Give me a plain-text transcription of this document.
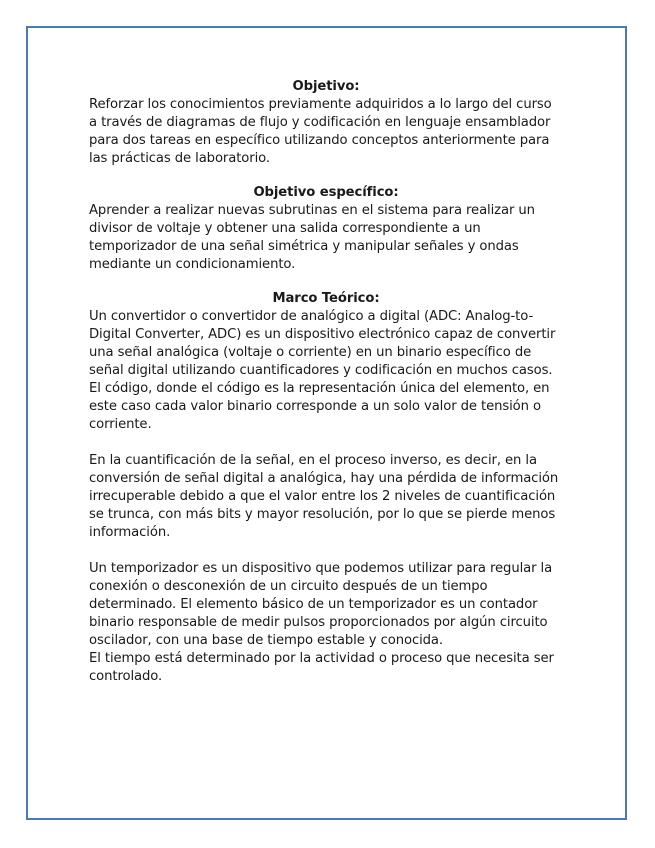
Objetivo:

Reforzar los conocimientos previamente adquiridos a lo largo del curso a través de diagramas de flujo y codificación en lenguaje ensamblador para dos tareas en específico utilizando conceptos anteriormente para las prácticas de laboratorio.

Objetivo específico:

Aprender a realizar nuevas subrutinas en el sistema para realizar un divisor de voltaje y obtener una salida correspondiente a un temporizador de una señal simétrica y manipular señales y ondas mediante un condicionamiento.

Marco Teórico:

Un convertidor o convertidor de analógico a digital (ADC: Analog-to-Digital Converter, ADC) es un dispositivo electrónico capaz de convertir una señal analógica (voltaje o corriente) en un binario específico de señal digital utilizando cuantificadores y codificación en muchos casos. El código, donde el código es la representación única del elemento, en este caso cada valor binario corresponde a un solo valor de tensión o corriente.

En la cuantificación de la señal, en el proceso inverso, es decir, en la conversión de señal digital a analógica, hay una pérdida de información irrecuperable debido a que el valor entre los 2 niveles de cuantificación se trunca, con más bits y mayor resolución, por lo que se pierde menos información.

Un temporizador es un dispositivo que podemos utilizar para regular la conexión o desconexión de un circuito después de un tiempo determinado. El elemento básico de un temporizador es un contador binario responsable de medir pulsos proporcionados por algún circuito oscilador, con una base de tiempo estable y conocida.

El tiempo está determinado por la actividad o proceso que necesita ser controlado.
